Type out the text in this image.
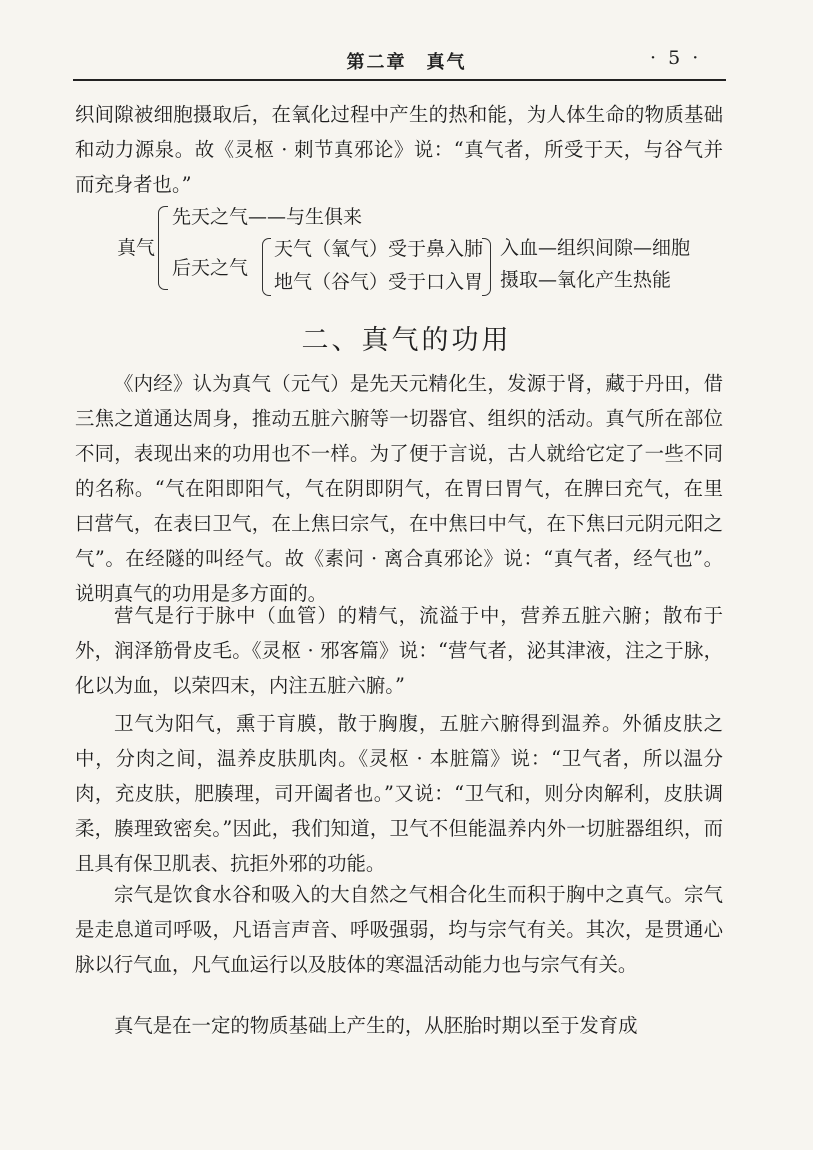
第二章　真气	· 5 ·

织间隙被细胞摄取后，在氧化过程中产生的热和能，为人体生命的物质基础和动力源泉。故《灵枢 · 刺节真邪论》说：“真气者，所受于天，与谷气并而充身者也。”

真气
先天之气——与生俱来
后天之气
天气（氧气）受于鼻入肺
地气（谷气）受于口入胃
入血—组织间隙—细胞
摄取—氧化产生热能
二、真气的功用

《内经》认为真气（元气）是先天元精化生，发源于肾，藏于丹田，借三焦之道通达周身，推动五脏六腑等一切器官、组织的活动。真气所在部位不同，表现出来的功用也不一样。为了便于言说，古人就给它定了一些不同的名称。“气在阳即阳气，气在阴即阴气，在胃曰胃气，在脾曰充气，在里曰营气，在表曰卫气，在上焦曰宗气，在中焦曰中气，在下焦曰元阴元阳之气”。在经隧的叫经气。故《素问 · 离合真邪论》说：“真气者，经气也”。说明真气的功用是多方面的。

营气是行于脉中（血管）的精气，流溢于中，营养五脏六腑；散布于外，润泽筋骨皮毛。《灵枢 · 邪客篇》说：“营气者，泌其津液，注之于脉，化以为血，以荣四末，内注五脏六腑。”

卫气为阳气，熏于肓膜，散于胸腹，五脏六腑得到温养。外循皮肤之中，分肉之间，温养皮肤肌肉。《灵枢 · 本脏篇》说：“卫气者，所以温分肉，充皮肤，肥腠理，司开阖者也。”又说：“卫气和，则分肉解利，皮肤调柔，腠理致密矣。”因此，我们知道，卫气不但能温养内外一切脏器组织，而且具有保卫肌表、抗拒外邪的功能。

宗气是饮食水谷和吸入的大自然之气相合化生而积于胸中之真气。宗气是走息道司呼吸，凡语言声音、呼吸强弱，均与宗气有关。其次，是贯通心脉以行气血，凡气血运行以及肢体的寒温活动能力也与宗气有关。

真气是在一定的物质基础上产生的，从胚胎时期以至于发育成
